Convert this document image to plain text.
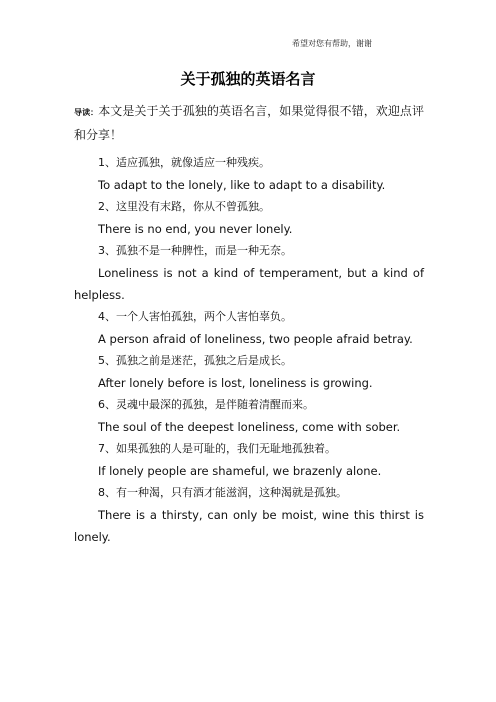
希望对您有帮助，谢谢
关于孤独的英语名言
导读：本文是关于关于孤独的英语名言，如果觉得很不错，欢迎点评和分享！

1、适应孤独，就像适应一种残疾。

To adapt to the lonely, like to adapt to a disability.

2、这里没有末路，你从不曾孤独。

There is no end, you never lonely.

3、孤独不是一种脾性，而是一种无奈。

Loneliness is not a kind of temperament, but a kind of helpless.

4、一个人害怕孤独，两个人害怕辜负。

A person afraid of loneliness, two people afraid betray.

5、孤独之前是迷茫，孤独之后是成长。

After lonely before is lost, loneliness is growing.

6、灵魂中最深的孤独，是伴随着清醒而来。

The soul of the deepest loneliness, come with sober.

7、如果孤独的人是可耻的，我们无耻地孤独着。

If lonely people are shameful, we brazenly alone.

8、有一种渴，只有酒才能滋润，这种渴就是孤独。

There is a thirsty, can only be moist, wine this thirst is lonely.
